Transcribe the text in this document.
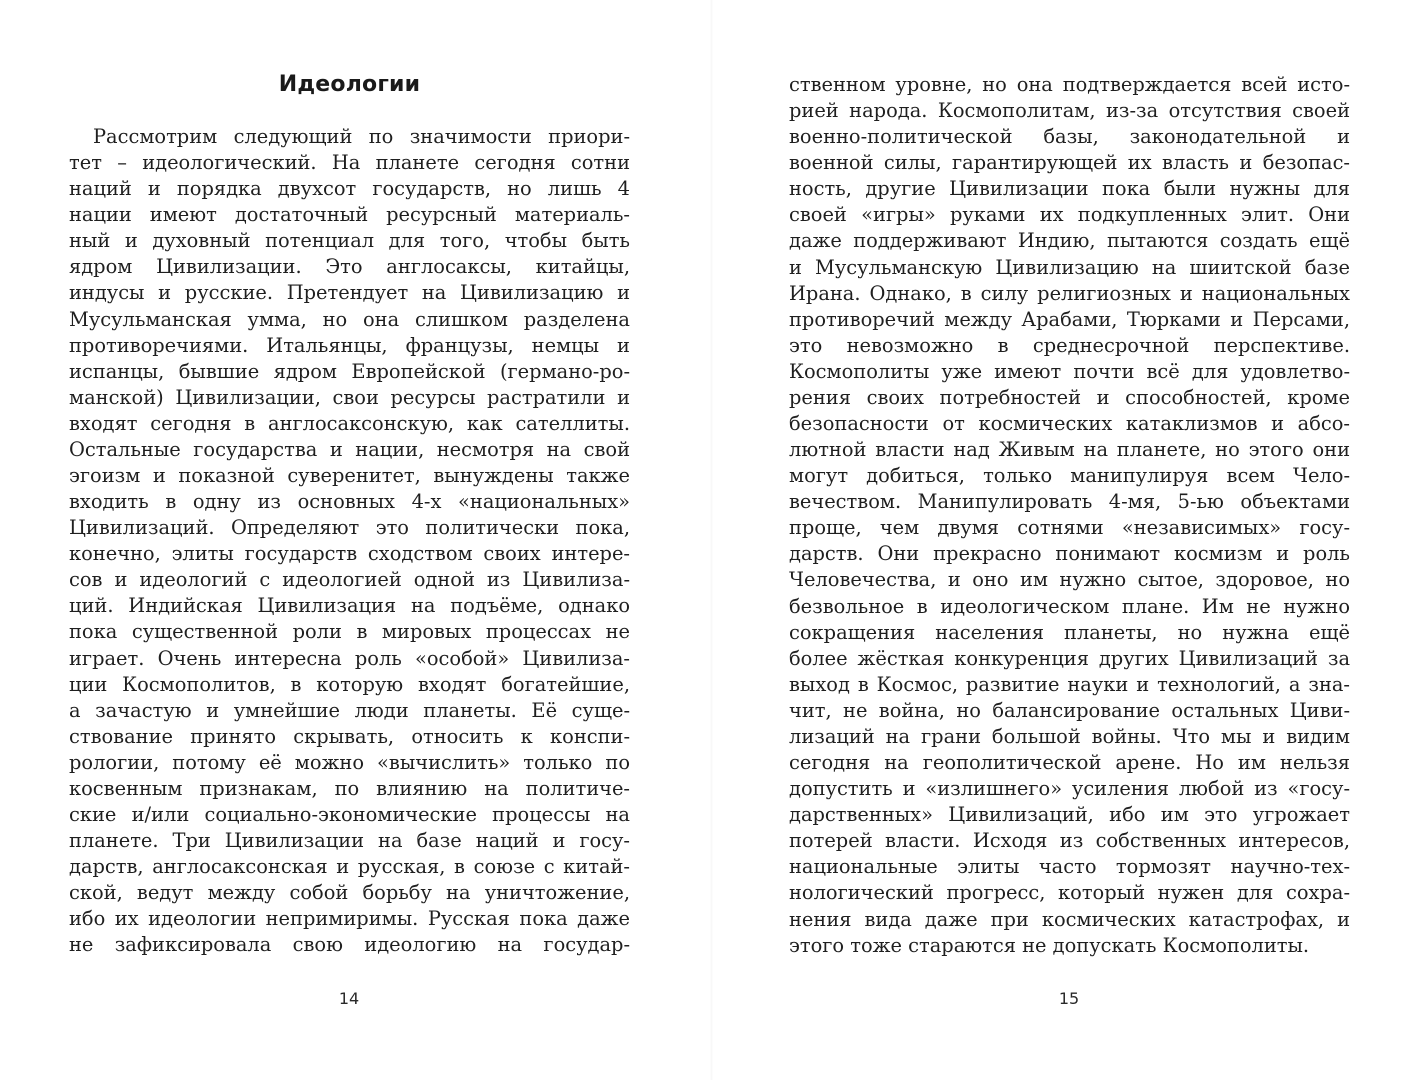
Идеологии
Рассмотрим следующий по значимости приори-
тет – идеологический. На планете сегодня сотни
наций и порядка двухсот государств, но лишь 4
нации имеют достаточный ресурсный материаль-
ный и духовный потенциал для того, чтобы быть
ядром Цивилизации. Это англосаксы, китайцы,
индусы и русские. Претендует на Цивилизацию и
Мусульманская умма, но она слишком разделена
противоречиями. Итальянцы, французы, немцы и
испанцы, бывшие ядром Европейской (германо-ро-
манской) Цивилизации, свои ресурсы растратили и
входят сегодня в англосаксонскую, как сателлиты.
Остальные государства и нации, несмотря на свой
эгоизм и показной суверенитет, вынуждены также
входить в одну из основных 4-х «национальных»
Цивилизаций. Определяют это политически пока,
конечно, элиты государств сходством своих интере-
сов и идеологий с идеологией одной из Цивилиза-
ций. Индийская Цивилизация на подъёме, однако
пока существенной роли в мировых процессах не
играет. Очень интересна роль «особой» Цивилиза-
ции Космополитов, в которую входят богатейшие,
а зачастую и умнейшие люди планеты. Её суще-
ствование принято скрывать, относить к конспи-
рологии, потому её можно «вычислить» только по
косвенным признакам, по влиянию на политиче-
ские и/или социально-экономические процессы на
планете. Три Цивилизации на базе наций и госу-
дарств, англосаксонская и русская, в союзе с китай-
ской, ведут между собой борьбу на уничтожение,
ибо их идеологии непримиримы. Русская пока даже
не зафиксировала свою идеологию на государ-
14
ственном уровне, но она подтверждается всей исто-
рией народа. Космополитам, из-за отсутствия своей
военно-политической базы, законодательной и
военной силы, гарантирующей их власть и безопас-
ность, другие Цивилизации пока были нужны для
своей «игры» руками их подкупленных элит. Они
даже поддерживают Индию, пытаются создать ещё
и Мусульманскую Цивилизацию на шиитской базе
Ирана. Однако, в силу религиозных и национальных
противоречий между Арабами, Тюрками и Персами,
это невозможно в среднесрочной перспективе.
Космополиты уже имеют почти всё для удовлетво-
рения своих потребностей и способностей, кроме
безопасности от космических катаклизмов и абсо-
лютной власти над Живым на планете, но этого они
могут добиться, только манипулируя всем Чело-
вечеством. Манипулировать 4-мя, 5-ью объектами
проще, чем двумя сотнями «независимых» госу-
дарств. Они прекрасно понимают космизм и роль
Человечества, и оно им нужно сытое, здоровое, но
безвольное в идеологическом плане. Им не нужно
сокращения населения планеты, но нужна ещё
более жёсткая конкуренция других Цивилизаций за
выход в Космос, развитие науки и технологий, а зна-
чит, не война, но балансирование остальных Циви-
лизаций на грани большой войны. Что мы и видим
сегодня на геополитической арене. Но им нельзя
допустить и «излишнего» усиления любой из «госу-
дарственных» Цивилизаций, ибо им это угрожает
потерей власти. Исходя из собственных интересов,
национальные элиты часто тормозят научно-тех-
нологический прогресс, который нужен для сохра-
нения вида даже при космических катастрофах, и
этого тоже стараются не допускать Космополиты.
15
